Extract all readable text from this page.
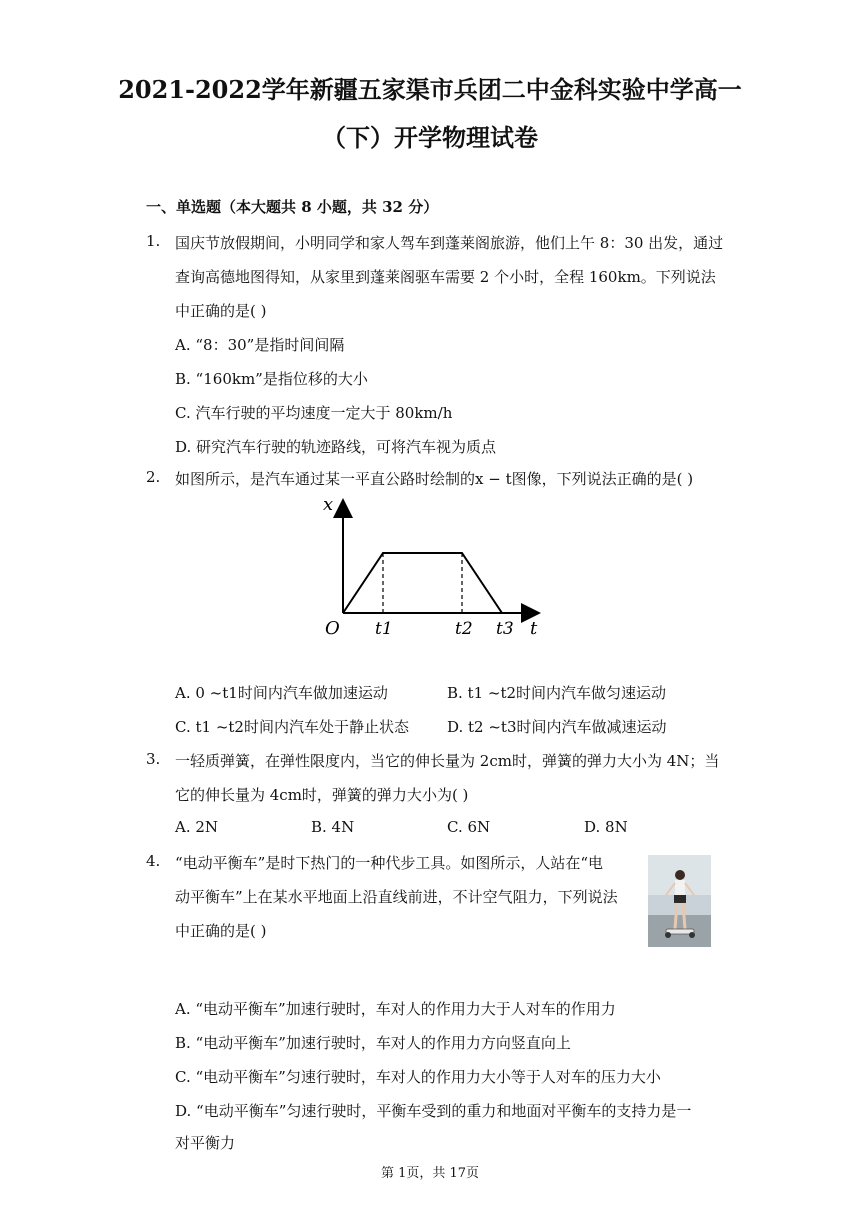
2021-2022学年新疆五家渠市兵团二中金科实验中学高一
（下）开学物理试卷
一、单选题（本大题共 8 小题，共 32 分）
1. 国庆节放假期间，小明同学和家人驾车到蓬莱阁旅游，他们上午 8：30 出发，通过
查询高德地图得知，从家里到蓬莱阁驱车需要 2 个小时，全程 160km。下列说法
中正确的是( )
A. “8：30”是指时间间隔
B. “160km”是指位移的大小
C. 汽车行驶的平均速度一定大于 80km/h
D. 研究汽车行驶的轨迹路线，可将汽车视为质点
2. 如图所示，是汽车通过某一平直公路时绘制的x − t图像，下列说法正确的是( )
x
O t1	t2 t3 t
A. 0 ~t1时间内汽车做加速运动	B. t1 ~t2时间内汽车做匀速运动
C. t1 ~t2时间内汽车处于静止状态	D. t2 ~t3时间内汽车做减速运动
3. 一轻质弹簧，在弹性限度内，当它的伸长量为 2cm时，弹簧的弹力大小为 4N；当
它的伸长量为 4cm时，弹簧的弹力大小为( )
A. 2N	B. 4N	C. 6N	D. 8N
4. “电动平衡车”是时下热门的一种代步工具。如图所示，人站在“电
动平衡车”上在某水平地面上沿直线前进，不计空气阻力，下列说法
中正确的是( )
A. “电动平衡车”加速行驶时，车对人的作用力大于人对车的作用力
B. “电动平衡车”加速行驶时，车对人的作用力方向竖直向上
C. “电动平衡车”匀速行驶时，车对人的作用力大小等于人对车的压力大小
D. “电动平衡车”匀速行驶时，平衡车受到的重力和地面对平衡车的支持力是一
对平衡力
第 1页，共 17页
